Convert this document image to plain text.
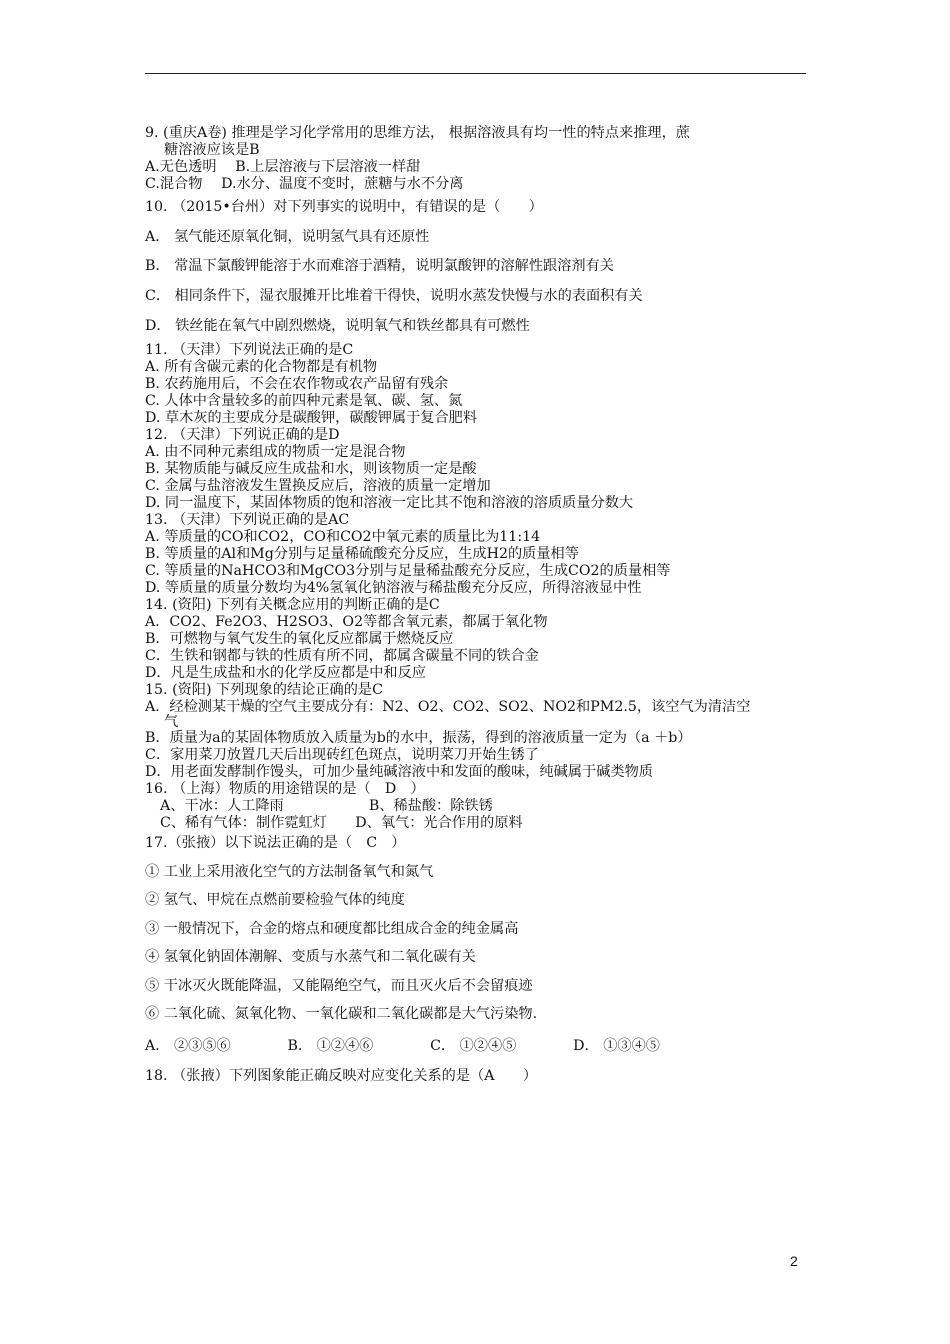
9. (重庆A卷) 推理是学习化学常用的思维方法， 根据溶液具有均一性的特点来推理，蔗
糖溶液应该是B
A.无色透明　 B.上层溶液与下层溶液一样甜
C.混合物　 D.水分、温度不变时，蔗糖与水不分离
10. （2015•台州）对下列事实的说明中，有错误的是（　　）
A． 氢气能还原氧化铜，说明氢气具有还原性
B． 常温下氯酸钾能溶于水而难溶于酒精，说明氯酸钾的溶解性跟溶剂有关
C． 相同条件下，湿衣服摊开比堆着干得快，说明水蒸发快慢与水的表面积有关
D． 铁丝能在氧气中剧烈燃烧，说明氧气和铁丝都具有可燃性
11. （天津）下列说法正确的是C
A. 所有含碳元素的化合物都是有机物
B. 农药施用后，不会在农作物或农产品留有残余
C. 人体中含量较多的前四种元素是氧、碳、氢、氮
D. 草木灰的主要成分是碳酸钾，碳酸钾属于复合肥料
12. （天津）下列说正确的是D
A. 由不同种元素组成的物质一定是混合物
B. 某物质能与碱反应生成盐和水，则该物质一定是酸
C. 金属与盐溶液发生置换反应后，溶液的质量一定增加
D. 同一温度下，某固体物质的饱和溶液一定比其不饱和溶液的溶质质量分数大
13. （天津）下列说正确的是AC
A. 等质量的CO和CO2，CO和CO2中氧元素的质量比为11:14
B. 等质量的Al和Mg分别与足量稀硫酸充分反应，生成H2的质量相等
C. 等质量的NaHCO3和MgCO3分别与足量稀盐酸充分反应，生成CO2的质量相等
D. 等质量的质量分数均为4%氢氧化钠溶液与稀盐酸充分反应，所得溶液显中性
14. (资阳) 下列有关概念应用的判断正确的是C
A．CO2、Fe2O3、H2SO3、O2等都含氧元素，都属于氧化物
B．可燃物与氧气发生的氧化反应都属于燃烧反应
C．生铁和钢都与铁的性质有所不同，都属含碳量不同的铁合金
D．凡是生成盐和水的化学反应都是中和反应
15. (资阳) 下列现象的结论正确的是C
A．经检测某干燥的空气主要成分有：N2、O2、CO2、SO2、NO2和PM2.5，该空气为清洁空
气
B．质量为a的某固体物质放入质量为b的水中，振荡，得到的溶液质量一定为（a ＋b）
C．家用菜刀放置几天后出现砖红色斑点，说明菜刀开始生锈了
D．用老面发酵制作馒头，可加少量纯碱溶液中和发面的酸味，纯碱属于碱类物质
16. （上海）物质的用途错误的是（　D　）
A、干冰：人工降雨　　　　　　B、稀盐酸：除铁锈
C、稀有气体：制作霓虹灯　　D、氧气：光合作用的原料
17.（张掖）以下说法正确的是（　C　）
① 工业上采用液化空气的方法制备氧气和氮气
② 氢气、甲烷在点燃前要检验气体的纯度
③ 一般情况下，合金的熔点和硬度都比组成合金的纯金属高
④ 氢氧化钠固体潮解、变质与水蒸气和二氧化碳有关
⑤ 干冰灭火既能降温，又能隔绝空气，而且灭火后不会留痕迹
⑥ 二氧化硫、氮氧化物、一氧化碳和二氧化碳都是大气污染物.
A． ②③⑤⑥　　　　B． ①②④⑥　　　　C． ①②④⑤　　　　D． ①③④⑤
18. （张掖）下列图象能正确反映对应变化关系的是（A　　）
2
